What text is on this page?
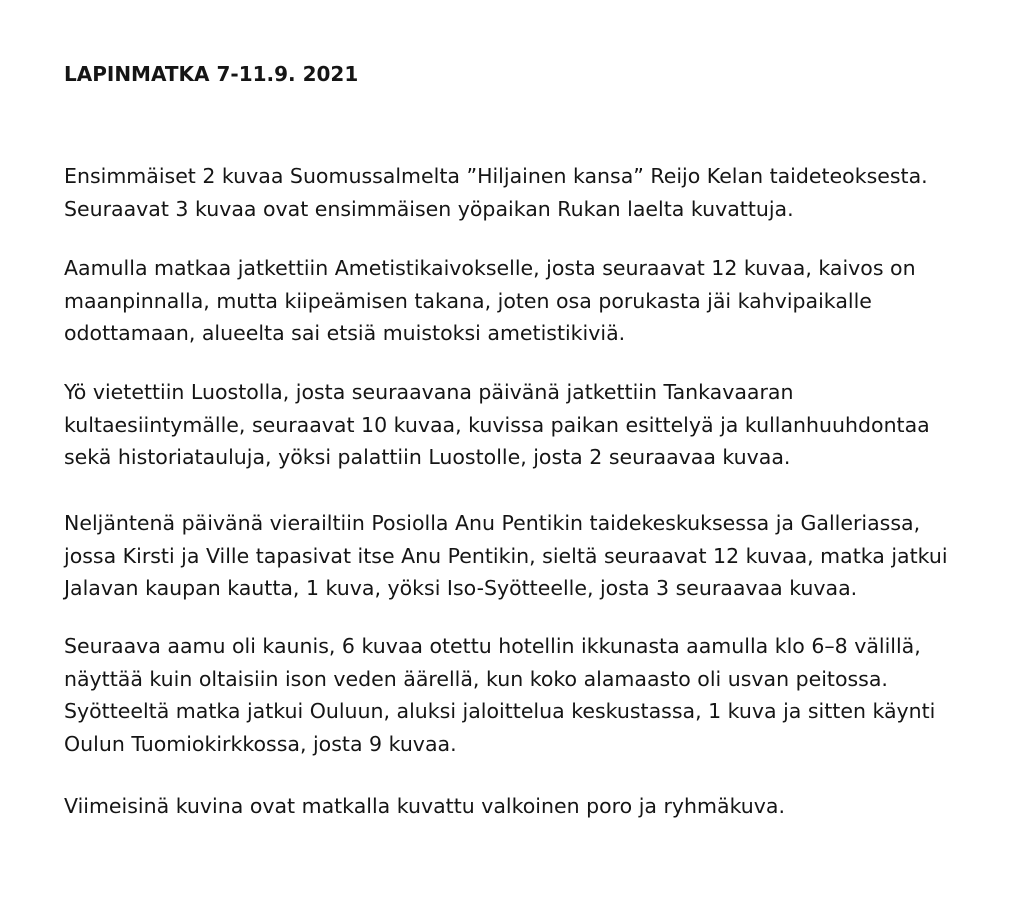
LAPINMATKA 7-11.9. 2021

Ensimmäiset 2 kuvaa Suomussalmelta ”Hiljainen kansa” Reijo Kelan taideteoksesta.
Seuraavat 3 kuvaa ovat ensimmäisen yöpaikan Rukan laelta kuvattuja.

Aamulla matkaa jatkettiin Ametistikaivokselle, josta seuraavat 12 kuvaa, kaivos on
maanpinnalla, mutta kiipeämisen takana, joten osa porukasta jäi kahvipaikalle
odottamaan, alueelta sai etsiä muistoksi ametistikiviä.

Yö vietettiin Luostolla, josta seuraavana päivänä jatkettiin Tankavaaran
kultaesiintymälle, seuraavat 10 kuvaa, kuvissa paikan esittelyä ja kullanhuuhdontaa
sekä historiatauluja, yöksi palattiin Luostolle, josta 2 seuraavaa kuvaa.

Neljäntenä päivänä vierailtiin Posiolla Anu Pentikin taidekeskuksessa ja Galleriassa,
jossa Kirsti ja Ville tapasivat itse Anu Pentikin, sieltä seuraavat 12 kuvaa, matka jatkui
Jalavan kaupan kautta, 1 kuva, yöksi Iso-Syötteelle, josta 3 seuraavaa kuvaa.

Seuraava aamu oli kaunis, 6 kuvaa otettu hotellin ikkunasta aamulla klo 6–8 välillä,
näyttää kuin oltaisiin ison veden äärellä, kun koko alamaasto oli usvan peitossa.
Syötteeltä matka jatkui Ouluun, aluksi jaloittelua keskustassa, 1 kuva ja sitten käynti
Oulun Tuomiokirkkossa, josta 9 kuvaa.

Viimeisinä kuvina ovat matkalla kuvattu valkoinen poro ja ryhmäkuva.
